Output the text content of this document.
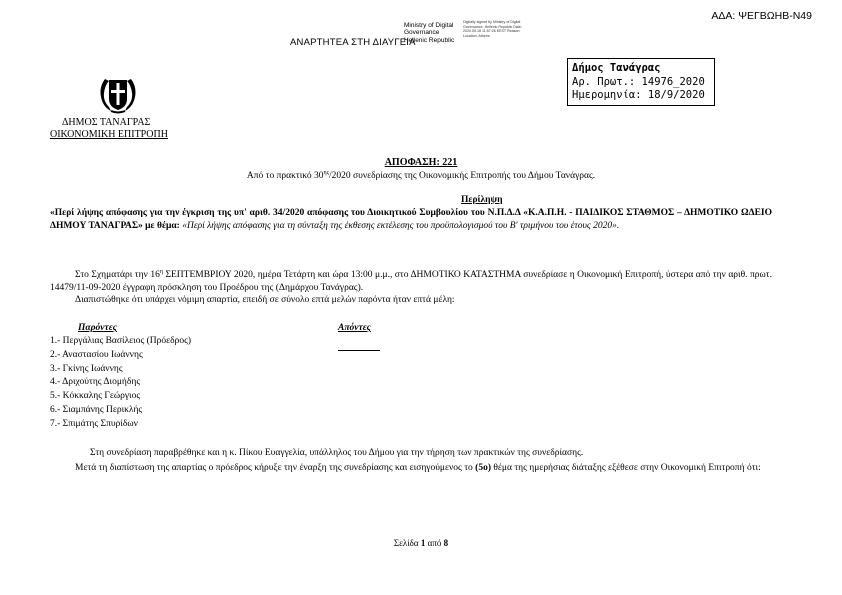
ΑΔΑ: ΨΕΓΒΩΗΒ-Ν49
ΑΝΑΡΤΗΤΕΑ ΣΤΗ ΔΙΑΥΓΕΙΑ
Ministry of Digital Governance Hellenic Republic
Digitally signed by Ministry of Digital Governance, Hellenic Republic Date: 2020.09.18 11:57:26 EEST Reason: Location: Athens
Δήμος Τανάγρας
Αρ. Πρωτ.: 14976_2020
Ημερομηνία: 18/9/2020
ΔΗΜΟΣ ΤΑΝΑΓΡΑΣ
ΟΙΚΟΝΟΜΙΚΗ ΕΠΙΤΡΟΠΗ
ΑΠΟΦΑΣΗ: 221
Από το πρακτικό $30^{\eta\varsigma}/2020$ συνεδρίασης της Οικονομικής Επιτροπής του Δήμου Τανάγρας.
Περίληψη
«Περί λήψης απόφασης για την έγκριση της υπ' αριθ. 34/2020 απόφασης του Διοικητικού Συμβουλίου του Ν.Π.Δ.Δ «Κ.Α.Π.Η. - ΠΑΙΔΙΚΟΣ ΣΤΑΘΜΟΣ – ΔΗΜΟΤΙΚΟ ΩΔΕΙΟ ΔΗΜΟΥ ΤΑΝΑΓΡΑΣ» με θέμα: «Περί λήψης απόφασης για τη σύνταξη της έκθεσης εκτέλεσης του προϋπολογισμού του Β' τριμήνου του έτους 2020».
Στο Σχηματάρι την $16^\eta$ ΣΕΠΤΕΜΒΡΙΟΥ 2020, ημέρα Τετάρτη και ώρα 13:00 μ.μ., στο ΔΗΜΟΤΙΚΟ ΚΑΤΑΣΤΗΜΑ συνεδρίασε η Οικονομική Επιτροπή, ύστερα από την αριθ. πρωτ. 14479/11-09-2020 έγγραφη πρόσκληση του Προέδρου της (Δημάρχου Τανάγρας).
Διαπιστώθηκε ότι υπάρχει νόμιμη απαρτία, επειδή σε σύνολο επτά μελών παρόντα ήταν επτά μέλη:
Παρόντες	Απόντες
1.- Περγάλιας Βασίλειος (Πρόεδρος)
2.- Αναστασίου Ιωάννης
3.- Γκίνης Ιωάννης
4.- Δριχούτης Διομήδης
5.- Κόκκαλης Γεώργιος
6.- Σιαμπάνης Περικλής
7.- Σπιμάτης Σπυρίδων
Στη συνεδρίαση παραβρέθηκε και η κ. Πίκου Ευαγγελία, υπάλληλος του Δήμου για την τήρηση των πρακτικών της συνεδρίασης.
Μετά τη διαπίστωση της απαρτίας ο πρόεδρος κήρυξε την έναρξη της συνεδρίασης και εισηγούμενος το (5ο) θέμα της ημερήσιας διάταξης εξέθεσε στην Οικονομική Επιτροπή ότι:
Σελίδα 1 από 8
